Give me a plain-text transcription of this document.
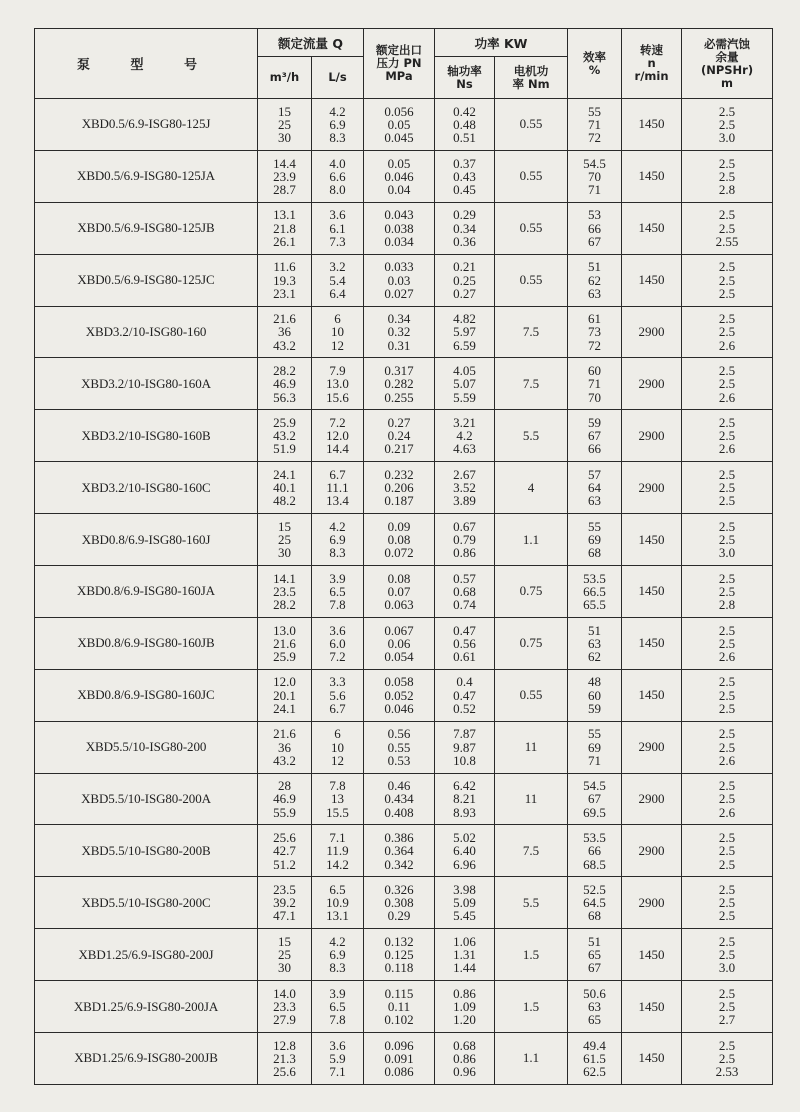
泵 型 号	额定流量 Q		额定出口
压力 PN
MPa	功率 KW		效率
%	转速
n
r/min	必需汽蚀
余量
(NPSHr)
m
	m³/h	L/s		轴功率
Ns	电机功
率 Nm			
XBD0.5/6.9-ISG80-125J	15
25
30	4.2
6.9
8.3	0.056
0.05
0.045	0.42
0.48
0.51	0.55	55
71
72	1450	2.5
2.5
3.0

XBD0.5/6.9-ISG80-125JA	14.4
23.9
28.7	4.0
6.6
8.0	0.05
0.046
0.04	0.37
0.43
0.45	0.55	54.5
70
71	1450	2.5
2.5
2.8

XBD0.5/6.9-ISG80-125JB	13.1
21.8
26.1	3.6
6.1
7.3	0.043
0.038
0.034	0.29
0.34
0.36	0.55	53
66
67	1450	2.5
2.5
2.55

XBD0.5/6.9-ISG80-125JC	11.6
19.3
23.1	3.2
5.4
6.4	0.033
0.03
0.027	0.21
0.25
0.27	0.55	51
62
63	1450	2.5
2.5
2.5

XBD3.2/10-ISG80-160	21.6
36
43.2	6
10
12	0.34
0.32
0.31	4.82
5.97
6.59	7.5	61
73
72	2900	2.5
2.5
2.6

XBD3.2/10-ISG80-160A	28.2
46.9
56.3	7.9
13.0
15.6	0.317
0.282
0.255	4.05
5.07
5.59	7.5	60
71
70	2900	2.5
2.5
2.6

XBD3.2/10-ISG80-160B	25.9
43.2
51.9	7.2
12.0
14.4	0.27
0.24
0.217	3.21
4.2
4.63	5.5	59
67
66	2900	2.5
2.5
2.6

XBD3.2/10-ISG80-160C	24.1
40.1
48.2	6.7
11.1
13.4	0.232
0.206
0.187	2.67
3.52
3.89	4	57
64
63	2900	2.5
2.5
2.5

XBD0.8/6.9-ISG80-160J	15
25
30	4.2
6.9
8.3	0.09
0.08
0.072	0.67
0.79
0.86	1.1	55
69
68	1450	2.5
2.5
3.0

XBD0.8/6.9-ISG80-160JA	14.1
23.5
28.2	3.9
6.5
7.8	0.08
0.07
0.063	0.57
0.68
0.74	0.75	53.5
66.5
65.5	1450	2.5
2.5
2.8

XBD0.8/6.9-ISG80-160JB	13.0
21.6
25.9	3.6
6.0
7.2	0.067
0.06
0.054	0.47
0.56
0.61	0.75	51
63
62	1450	2.5
2.5
2.6

XBD0.8/6.9-ISG80-160JC	12.0
20.1
24.1	3.3
5.6
6.7	0.058
0.052
0.046	0.4
0.47
0.52	0.55	48
60
59	1450	2.5
2.5
2.5

XBD5.5/10-ISG80-200	21.6
36
43.2	6
10
12	0.56
0.55
0.53	7.87
9.87
10.8	11	55
69
71	2900	2.5
2.5
2.6

XBD5.5/10-ISG80-200A	28
46.9
55.9	7.8
13
15.5	0.46
0.434
0.408	6.42
8.21
8.93	11	54.5
67
69.5	2900	2.5
2.5
2.6

XBD5.5/10-ISG80-200B	25.6
42.7
51.2	7.1
11.9
14.2	0.386
0.364
0.342	5.02
6.40
6.96	7.5	53.5
66
68.5	2900	2.5
2.5
2.5

XBD5.5/10-ISG80-200C	23.5
39.2
47.1	6.5
10.9
13.1	0.326
0.308
0.29	3.98
5.09
5.45	5.5	52.5
64.5
68	2900	2.5
2.5
2.5

XBD1.25/6.9-ISG80-200J	15
25
30	4.2
6.9
8.3	0.132
0.125
0.118	1.06
1.31
1.44	1.5	51
65
67	1450	2.5
2.5
3.0

XBD1.25/6.9-ISG80-200JA	14.0
23.3
27.9	3.9
6.5
7.8	0.115
0.11
0.102	0.86
1.09
1.20	1.5	50.6
63
65	1450	2.5
2.5
2.7

XBD1.25/6.9-ISG80-200JB	12.8
21.3
25.6	3.6
5.9
7.1	0.096
0.091
0.086	0.68
0.86
0.96	1.1	49.4
61.5
62.5	1450	2.5
2.5
2.53
